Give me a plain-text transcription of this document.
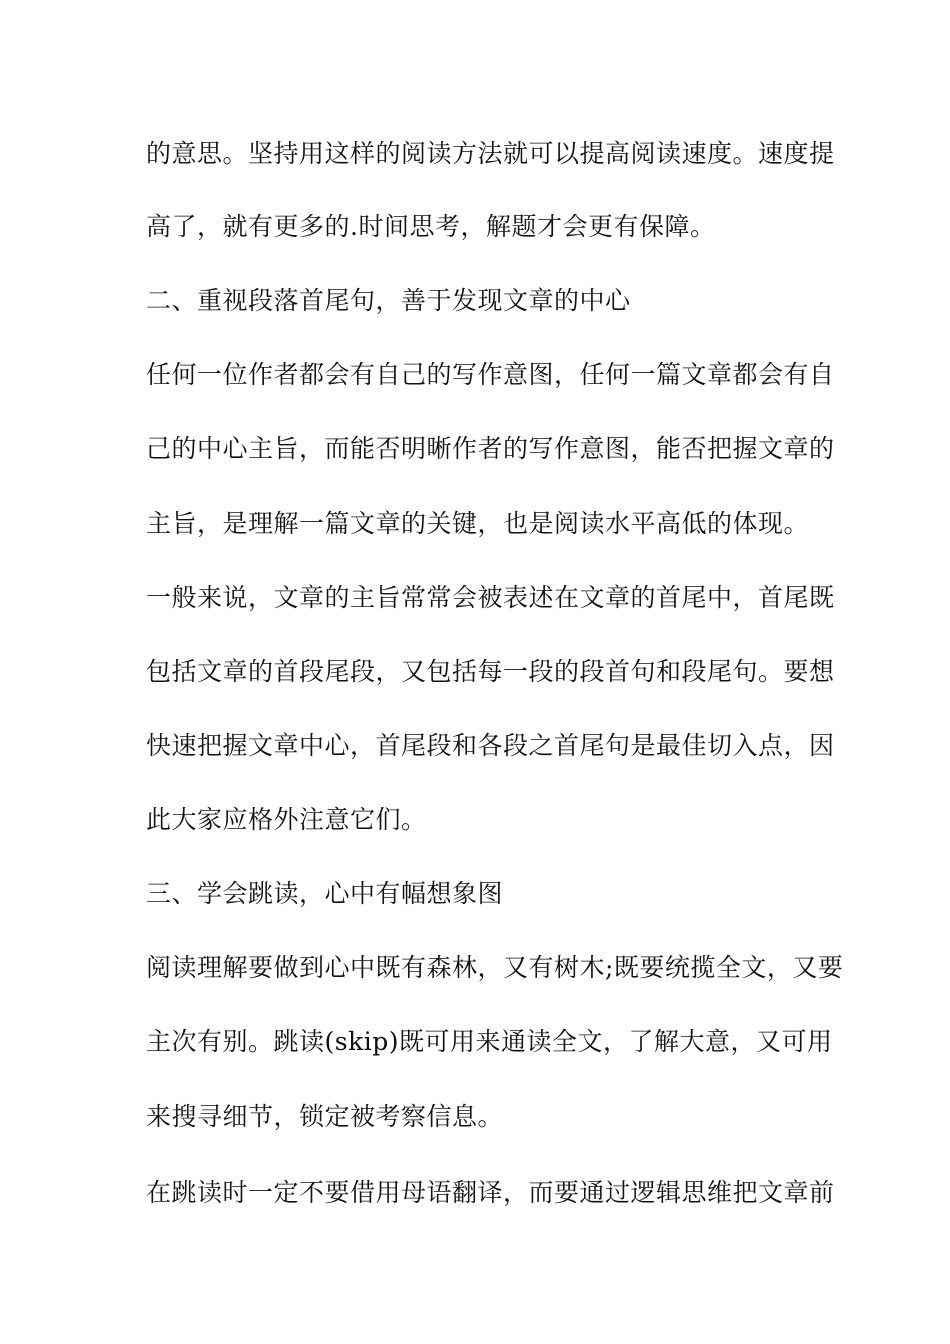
的意思。坚持用这样的阅读方法就可以提高阅读速度。速度提
高了，就有更多的.时间思考，解题才会更有保障。
二、重视段落首尾句，善于发现文章的中心
任何一位作者都会有自己的写作意图，任何一篇文章都会有自
己的中心主旨，而能否明晰作者的写作意图，能否把握文章的
主旨，是理解一篇文章的关键，也是阅读水平高低的体现。
一般来说，文章的主旨常常会被表述在文章的首尾中，首尾既
包括文章的首段尾段，又包括每一段的段首句和段尾句。要想
快速把握文章中心，首尾段和各段之首尾句是最佳切入点，因
此大家应格外注意它们。
三、学会跳读，心中有幅想象图
阅读理解要做到心中既有森林，又有树木;既要统揽全文，又要
主次有别。跳读(skip)既可用来通读全文，了解大意，又可用
来搜寻细节，锁定被考察信息。
在跳读时一定不要借用母语翻译，而要通过逻辑思维把文章前
